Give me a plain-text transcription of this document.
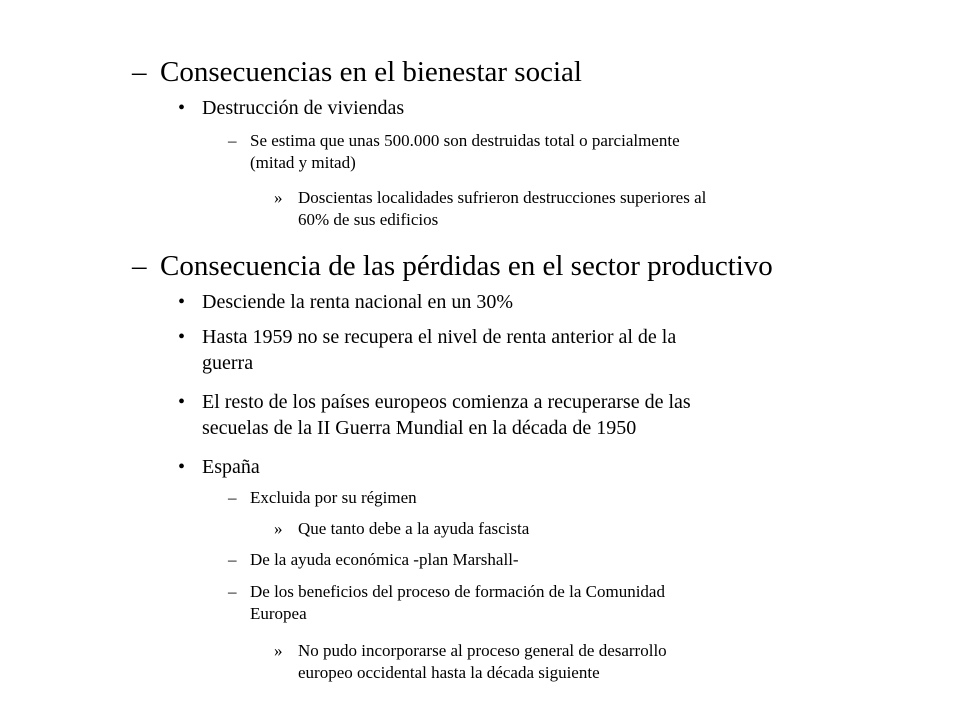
– Consecuencias en el bienestar social
• Destrucción de viviendas
– Se estima que unas 500.000 son destruidas total o parcialmente
(mitad y mitad)
» Doscientas localidades sufrieron destrucciones superiores al
60% de sus edificios
– Consecuencia de las pérdidas en el sector productivo
• Desciende la renta nacional en un 30%
• Hasta 1959 no se recupera el nivel de renta anterior al de la
guerra
• El resto de los países europeos comienza a recuperarse de las
secuelas de la II Guerra Mundial en la década de 1950
• España
– Excluida por su régimen
» Que tanto debe a la ayuda fascista
– De la ayuda económica -plan Marshall-
– De los beneficios del proceso de formación de la Comunidad
Europea
» No pudo incorporarse al proceso general de desarrollo
europeo occidental hasta la década siguiente
